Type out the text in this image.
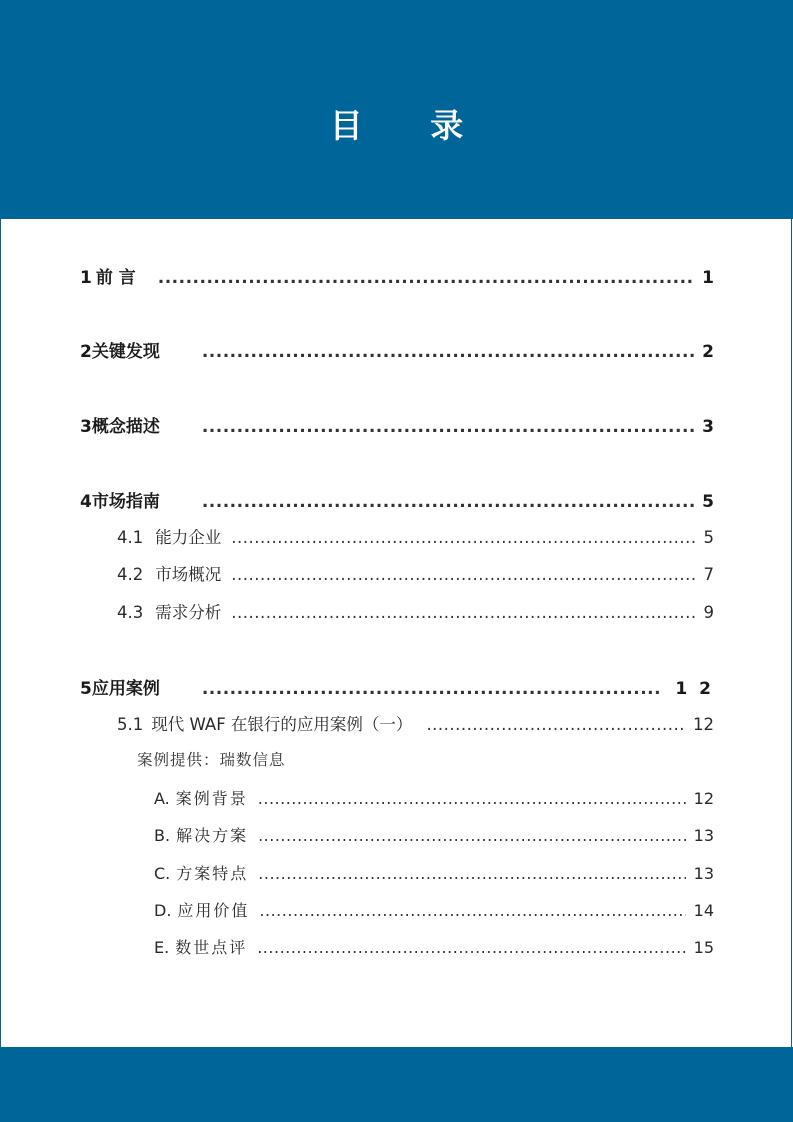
目 录
1 前 言 .....	1
2 关键发现 .....	2
3 概念描述 .....	3
4 市场指南 .....	5
4.1 能力企业 .....	5
4.2 市场概况 .....	7
4.3 需求分析 .....	9
5 应用案例 .....	1 2
5.1 现代 WAF 在银行的应用案例（一） .....	12
案例提供：瑞数信息
A. 案例背景 .....	12
B. 解决方案 .....	13
C. 方案特点 .....	13
D. 应用价值 .....	14
E. 数世点评 .....	15
